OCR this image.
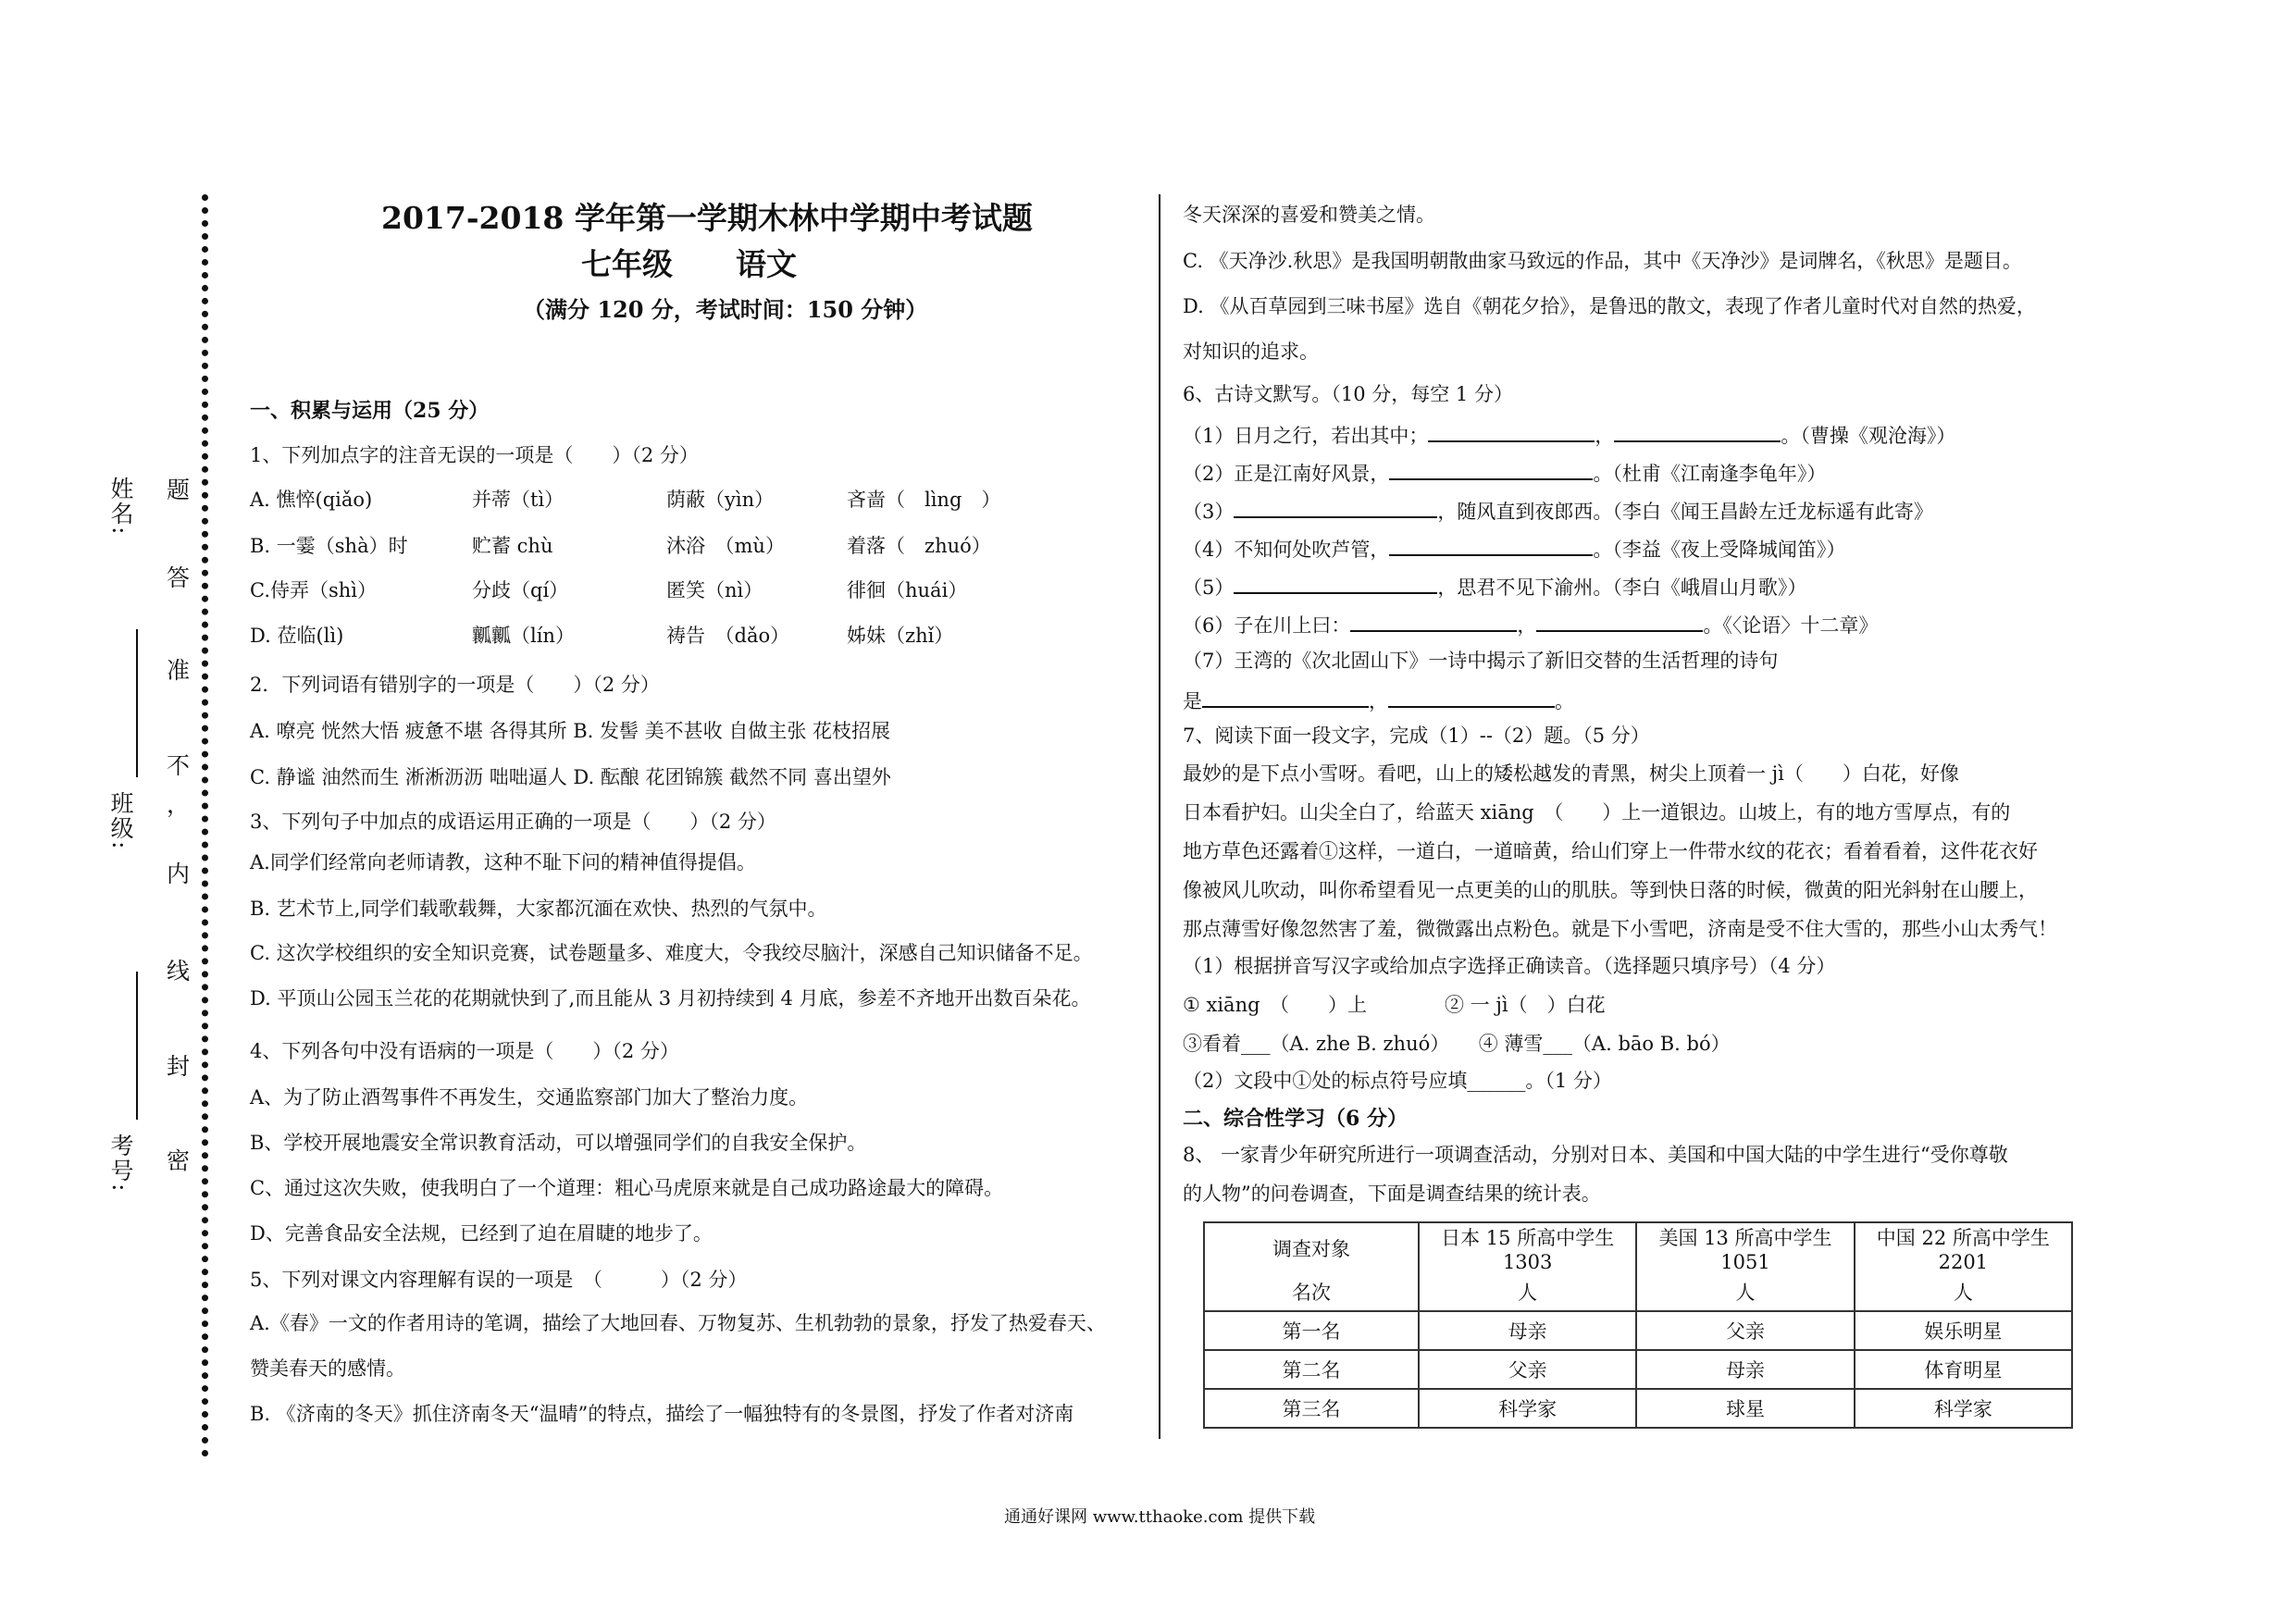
姓名:
班级:
考号: 密
封
线
内
，
不
准
答
题
2017-2018 学年第一学期木林中学期中考试题
七年级 语文
（满分 120 分，考试时间：150 分钟）
一、积累与运用（25 分）
1、下列加点字的注音无误的一项是（　　）（2 分）
A. 憔悴(qiǎo)	并蒂（tì）	荫蔽（yìn）	吝啬（　lìng　）
B. 一霎（shà）时	贮蓄 chù	沐浴　（mù）	着落（　zhuó）
C.侍弄（shì）	分歧（qí）	匿笑（nì）	徘徊（huái）
D. 莅临(lì)	瓤瓤（lín）	祷告　（dǎo）	姊妹（zhǐ）
2．下列词语有错别字的一项是（　　）（2 分）
A. 嘹亮 恍然大悟 疲惫不堪 各得其所 B. 发髻 美不甚收 自做主张 花枝招展
C. 静谧 油然而生 淅淅沥沥 咄咄逼人 D. 酝酿 花团锦簇 截然不同 喜出望外
3、下列句子中加点的成语运用正确的一项是（　　）（2 分）
A.同学们经常向老师请教，这种不耻下问的精神值得提倡。
B. 艺术节上,同学们载歌载舞，大家都沉湎在欢快、热烈的气氛中。
C. 这次学校组织的安全知识竞赛，试卷题量多、难度大，令我绞尽脑汁，深感自己知识储备不足。
D. 平顶山公园玉兰花的花期就快到了,而且能从 3 月初持续到 4 月底，参差不齐地开出数百朵花。
4、下列各句中没有语病的一项是（　　）（2 分）
A、为了防止酒驾事件不再发生，交通监察部门加大了整治力度。
B、学校开展地震安全常识教育活动，可以增强同学们的自我安全保护。
C、通过这次失败，使我明白了一个道理：粗心马虎原来就是自己成功路途最大的障碍。
D、完善食品安全法规，已经到了迫在眉睫的地步了。
5、下列对课文内容理解有误的一项是　（　　　）（2 分）
A.《春》一文的作者用诗的笔调，描绘了大地回春、万物复苏、生机勃勃的景象，抒发了热爱春天、
赞美春天的感情。
B. 《济南的冬天》抓住济南冬天“温晴”的特点，描绘了一幅独特有的冬景图，抒发了作者对济南
冬天深深的喜爱和赞美之情。
C. 《天净沙.秋思》是我国明朝散曲家马致远的作品，其中《天净沙》是词牌名，《秋思》是题目。
D. 《从百草园到三味书屋》选自《朝花夕拾》，是鲁迅的散文，表现了作者儿童时代对自然的热爱，
对知识的追求。
6、古诗文默写。（10 分，每空 1 分）
（1）日月之行，若出其中；	，	。（曹操《观沧海》）
（2）正是江南好风景，	。（杜甫《江南逢李龟年》）
（3）	，随风直到夜郎西。（李白《闻王昌龄左迁龙标遥有此寄》
（4）不知何处吹芦管，	。（李益《夜上受降城闻笛》）
（5）	，思君不见下渝州。（李白《峨眉山月歌》）
（6）子在川上曰：	，	。《〈论语〉十二章》
（7）王湾的《次北固山下》一诗中揭示了新旧交替的生活哲理的诗句
是	，	。
7、阅读下面一段文字，完成（1）--（2）题。（5 分）
最妙的是下点小雪呀。看吧，山上的矮松越发的青黑，树尖上顶着一 jì（　　）白花，好像
日本看护妇。山尖全白了，给蓝天 xiāng　（　　）上一道银边。山坡上，有的地方雪厚点，有的
地方草色还露着①这样，一道白，一道暗黄，给山们穿上一件带水纹的花衣；看着看着，这件花衣好
像被风儿吹动，叫你希望看见一点更美的山的肌肤。等到快日落的时候，微黄的阳光斜射在山腰上，
那点薄雪好像忽然害了羞，微微露出点粉色。就是下小雪吧，济南是受不住大雪的，那些小山太秀气！
（1）根据拼音写汉字或给加点字选择正确读音。（选择题只填序号）（4 分）
① xiāng　（　　）上　　　　② 一 jì（　）白花
③看着___（A. zhe B. zhuó）　　④ 薄雪___（A. bāo B. bó）
（2）文段中①处的标点符号应填______。（1 分）
二、综合性学习（6 分）
8、 一家青少年研究所进行一项调查活动，分别对日本、美国和中国大陆的中学生进行“受你尊敬
的人物”的问卷调查，下面是调查结果的统计表。
调查对象	日本 15 所高中学生 1303	美国 13 所高中学生 1051	中国 22 所高中学生 2201
名次	人	人	人
第一名	母亲	父亲	娱乐明星
第二名	父亲	母亲	体育明星
第三名	科学家	球星	科学家
通通好课网 www.tthaoke.com 提供下载
